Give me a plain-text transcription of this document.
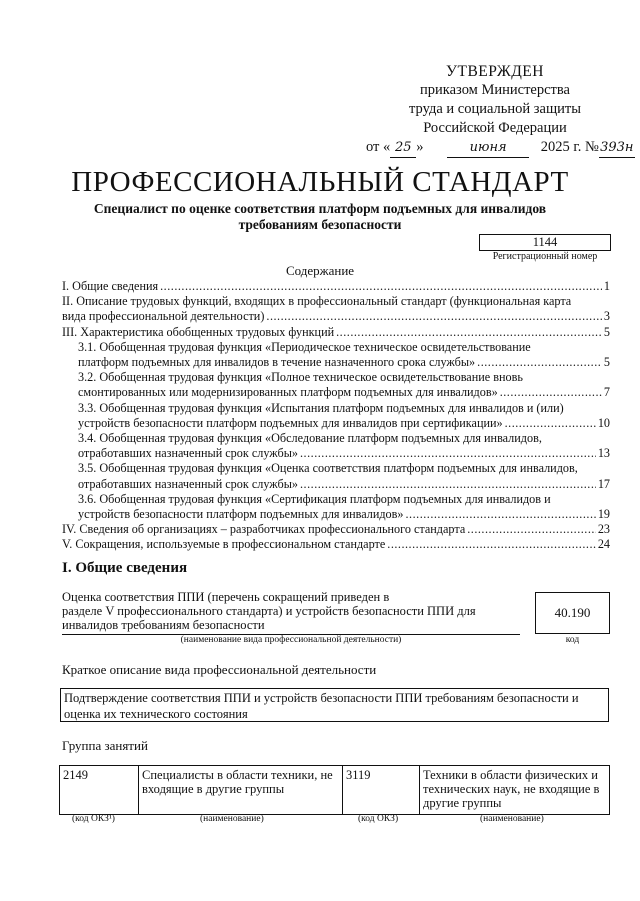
УТВЕРЖДЕН
приказом Министерства
труда и социальной защиты
Российской Федерации
от « 25 »	июня 2025 г. №393н
ПРОФЕССИОНАЛЬНЫЙ СТАНДАРТ
Специалист по оценке соответствия платформ подъемных для инвалидов
требованиям безопасности
1144
Регистрационный номер
Содержание
I. Общие сведения .....	1
II. Описание трудовых функций, входящих в профессиональный стандарт (функциональная карта
вида профессиональной деятельности) .....	3
III. Характеристика обобщенных трудовых функций .....	5
3.1. Обобщенная трудовая функция «Периодическое техническое освидетельствование
платформ подъемных для инвалидов в течение назначенного срока службы» .....	5
3.2. Обобщенная трудовая функция «Полное техническое освидетельствование вновь
смонтированных или модернизированных платформ подъемных для инвалидов» .....	7
3.3. Обобщенная трудовая функция «Испытания платформ подъемных для инвалидов и (или)
устройств безопасности платформ подъемных для инвалидов при сертификации» .....	10
3.4. Обобщенная трудовая функция «Обследование платформ подъемных для инвалидов,
отработавших назначенный срок службы» .....	13
3.5. Обобщенная трудовая функция «Оценка соответствия платформ подъемных для инвалидов,
отработавших назначенный срок службы» .....	17
3.6. Обобщенная трудовая функция «Сертификация платформ подъемных для инвалидов и
устройств безопасности платформ подъемных для инвалидов» .....	19
IV. Сведения об организациях – разработчиках профессионального стандарта .....	23
V. Сокращения, используемые в профессиональном стандарте .....	24
I. Общие сведения
Оценка соответствия ППИ (перечень сокращений приведен в
разделе V профессионального стандарта) и устройств безопасности ППИ для
инвалидов требованиям безопасности
(наименование вида профессиональной деятельности)
40.190
код
Краткое описание вида профессиональной деятельности
Подтверждение соответствия ППИ и устройств безопасности ППИ требованиям безопасности и оценка их технического состояния
Группа занятий
2149	Специалисты в области техники, не входящие в другие группы	3119	Техники в области физических и технических наук, не входящие в другие группы
(код ОКЗ¹)	(наименование)	(код ОКЗ)	(наименование)
